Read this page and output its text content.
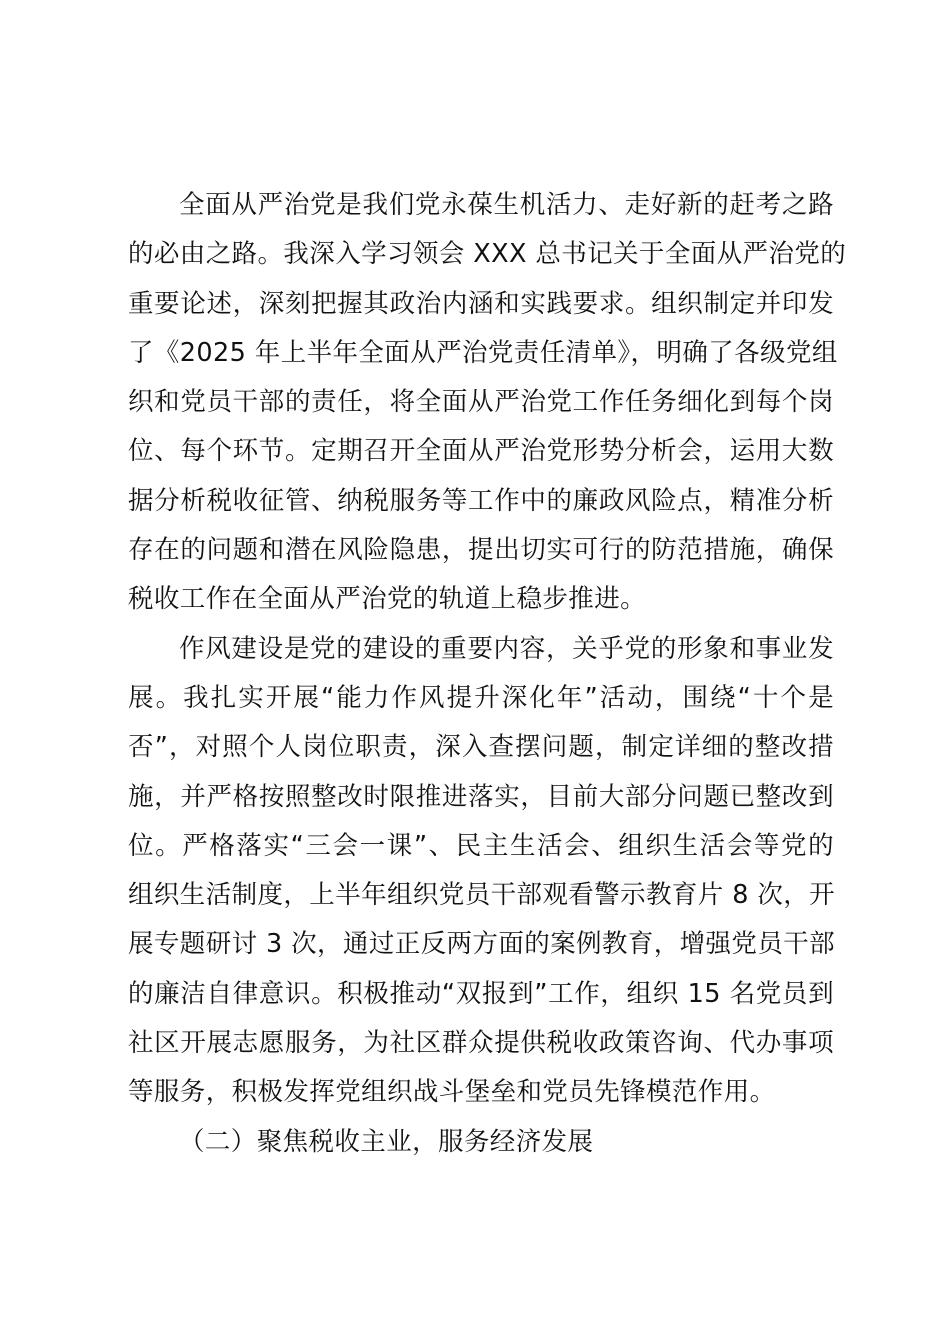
全面从严治党是我们党永葆生机活力、走好新的赶考之路
的必由之路。我深入学习领会 XXX 总书记关于全面从严治党的
重要论述，深刻把握其政治内涵和实践要求。组织制定并印发
了《2025 年上半年全面从严治党责任清单》，明确了各级党组
织和党员干部的责任，将全面从严治党工作任务细化到每个岗
位、每个环节。定期召开全面从严治党形势分析会，运用大数
据分析税收征管、纳税服务等工作中的廉政风险点，精准分析
存在的问题和潜在风险隐患，提出切实可行的防范措施，确保
税收工作在全面从严治党的轨道上稳步推进。

作风建设是党的建设的重要内容，关乎党的形象和事业发
展。我扎实开展“能力作风提升深化年”活动，围绕“十个是
否”，对照个人岗位职责，深入查摆问题，制定详细的整改措
施，并严格按照整改时限推进落实，目前大部分问题已整改到
位。严格落实“三会一课”、民主生活会、组织生活会等党的
组织生活制度，上半年组织党员干部观看警示教育片 8 次，开
展专题研讨 3 次，通过正反两方面的案例教育，增强党员干部
的廉洁自律意识。积极推动“双报到”工作，组织 15 名党员到
社区开展志愿服务，为社区群众提供税收政策咨询、代办事项
等服务，积极发挥党组织战斗堡垒和党员先锋模范作用。

（二）聚焦税收主业，服务经济发展
